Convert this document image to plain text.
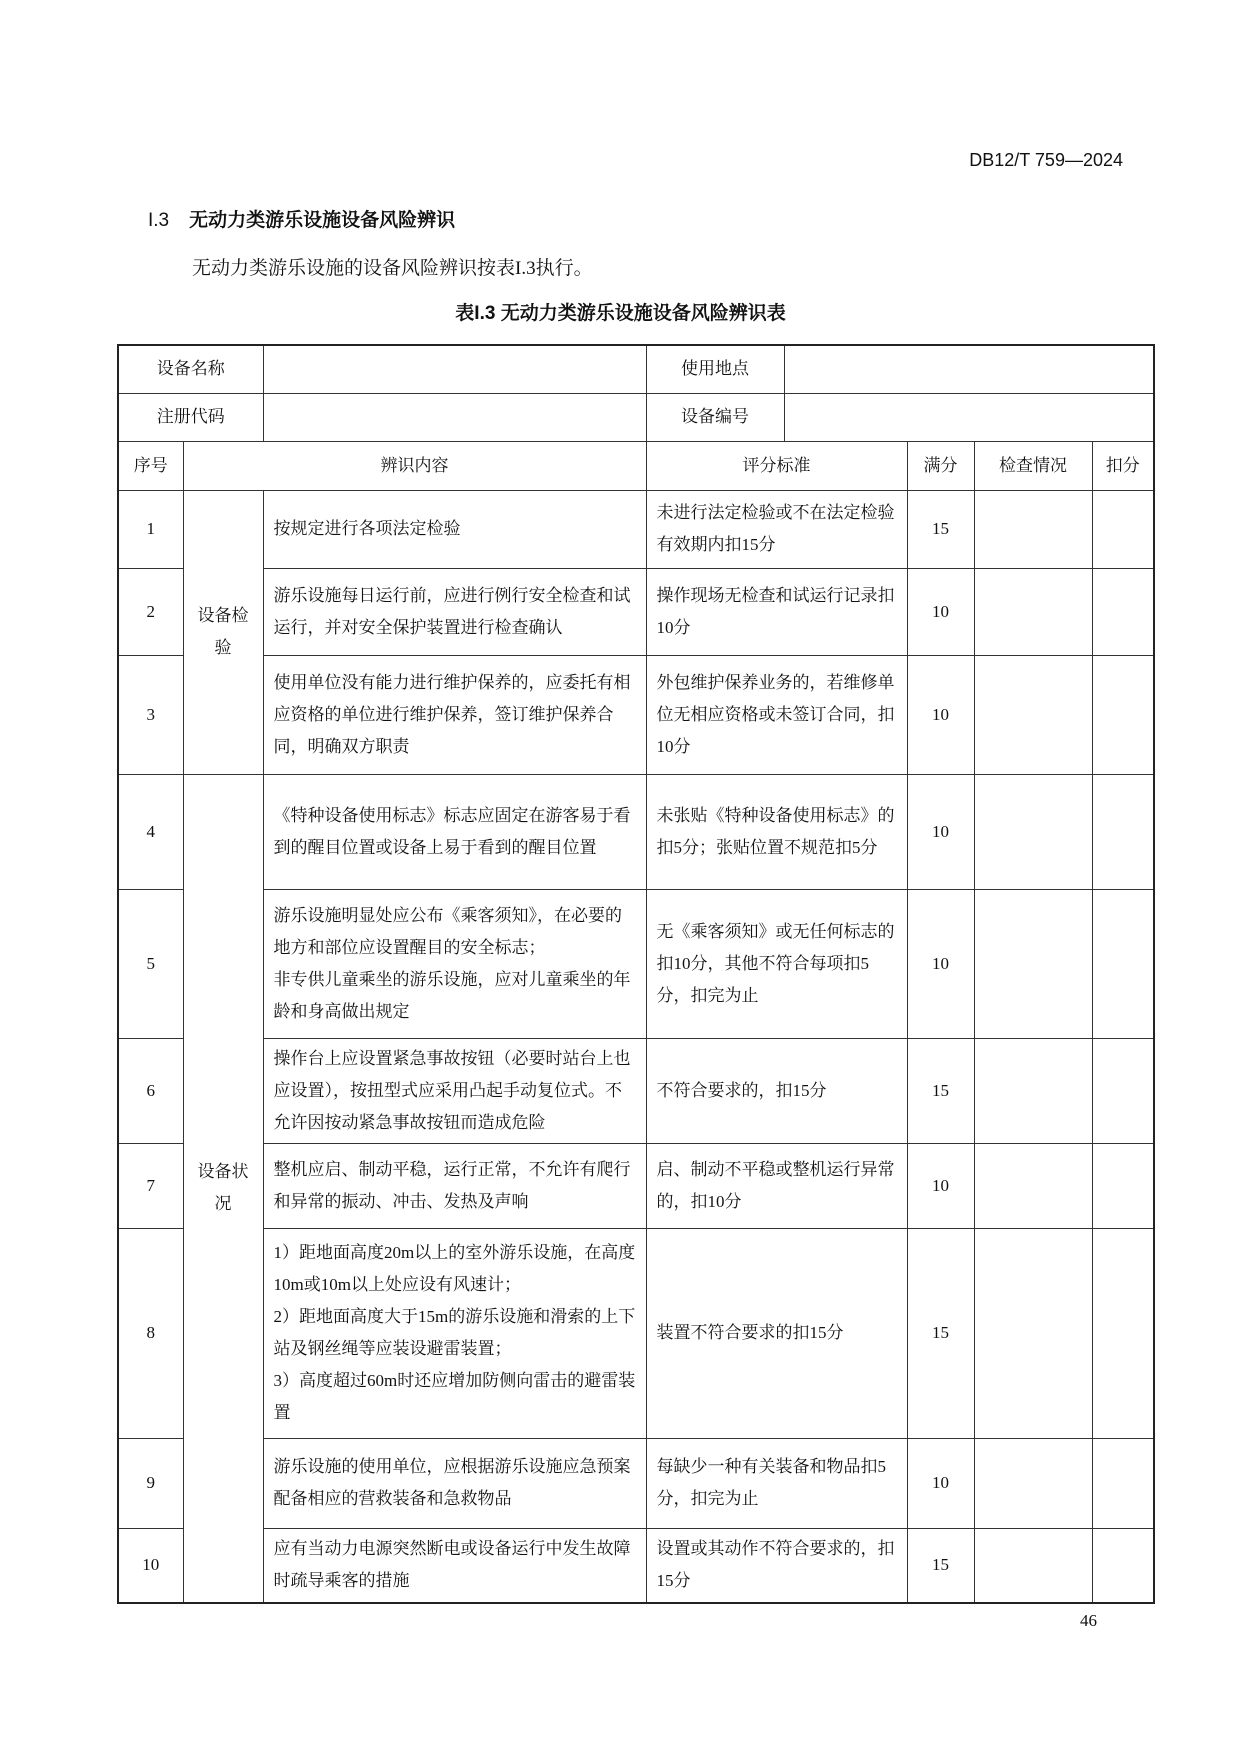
DB12/T 759—2024
I.3 无动力类游乐设施设备风险辨识
无动力类游乐设施的设备风险辨识按表I.3执行。
表I.3 无动力类游乐设施设备风险辨识表
设备名称			使用地点				
注册代码			设备编号				
序号	辨识内容		评分标准		满分	检查情况	扣分
1	设备检验	按规定进行各项法定检验	未进行法定检验或不在法定检验有效期内扣15分		15		
2		游乐设施每日运行前，应进行例行安全检查和试运行，并对安全保护装置进行检查确认	操作现场无检查和试运行记录扣10分		10		
3		使用单位没有能力进行维护保养的，应委托有相应资格的单位进行维护保养，签订维护保养合同，明确双方职责	外包维护保养业务的，若维修单位无相应资格或未签订合同，扣10分		10		
4	设备状况	《特种设备使用标志》标志应固定在游客易于看到的醒目位置或设备上易于看到的醒目位置	未张贴《特种设备使用标志》的扣5分；张贴位置不规范扣5分		10		
5		游乐设施明显处应公布《乘客须知》，在必要的地方和部位应设置醒目的安全标志；
非专供儿童乘坐的游乐设施，应对儿童乘坐的年龄和身高做出规定	无《乘客须知》或无任何标志的扣10分，其他不符合每项扣5分，扣完为止		10		
6		操作台上应设置紧急事故按钮（必要时站台上也应设置），按扭型式应采用凸起手动复位式。不允许因按动紧急事故按钮而造成危险	不符合要求的，扣15分		15		
7		整机应启、制动平稳，运行正常，不允许有爬行和异常的振动、冲击、发热及声响	启、制动不平稳或整机运行异常的，扣10分		10		
8		1）距地面高度20m以上的室外游乐设施，在高度10m或10m以上处应设有风速计；
2）距地面高度大于15m的游乐设施和滑索的上下站及钢丝绳等应装设避雷装置；
3）高度超过60m时还应增加防侧向雷击的避雷装置	装置不符合要求的扣15分		15		
9		游乐设施的使用单位，应根据游乐设施应急预案配备相应的营救装备和急救物品	每缺少一种有关装备和物品扣5分，扣完为止		10		
10		应有当动力电源突然断电或设备运行中发生故障时疏导乘客的措施	设置或其动作不符合要求的，扣15分		15		
46
